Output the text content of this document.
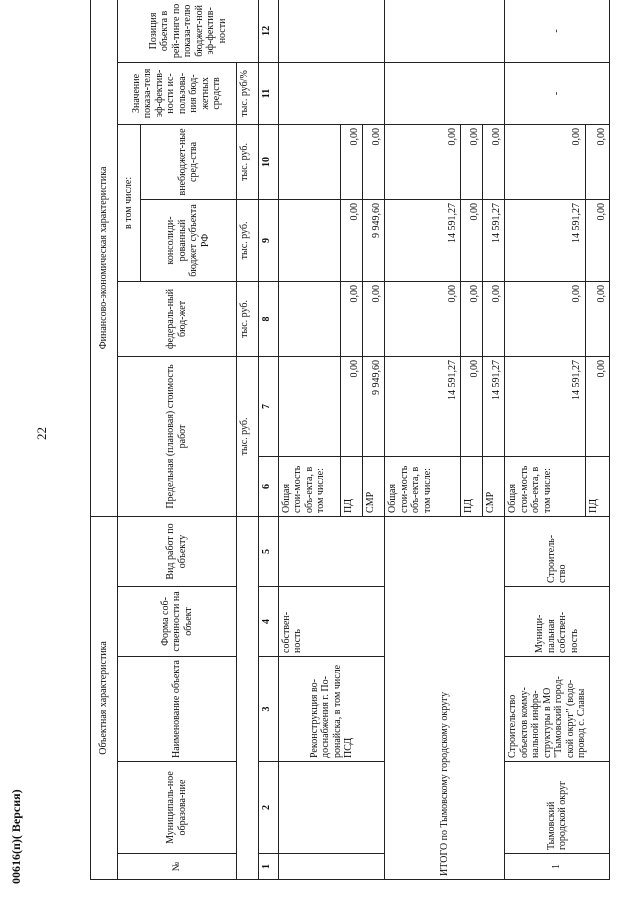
22
Объектная характеристика					Финансово-экономическая характеристика						
№	Муниципаль-ное образова-ние	Наименование объекта	Форма соб-ственности на объект	Вид работ по объекту	Предельная (плановая) стоимость работ		федераль-ный бюд-жет	в том числе:		Значение показа-теля эф-фектив-ности ис-пользова-ния бюд-жетных средств	Позиция объекта в рей-тинге по показа-телю бюджет-ной эф-фектив-ности
								консолиди-рованный бюджет субъекта РФ	внебюджет-ные сред-ства		
					тыс. руб.		тыс. руб.	тыс. руб.	тыс. руб.	тыс. руб/%	
1	2	3	4	5	6	7	8	9	10	11	12
		Реконструкция во-доснабжения г. По-ронайска, в том числе ПСД	собствен-ность		Общая стои-мость объ-екта, в том числе:						
					ПД	0,00	0,00	0,00	0,00		
					СМР	9 949,60	0,00	9 949,60	0,00		
ИТОГО по Тымовскому городскому округу					Общая стои-мость объ-екта, в том числе:	14 591,27	0,00	14 591,27	0,00		
					ПД	0,00	0,00	0,00	0,00		
					СМР	14 591,27	0,00	14 591,27	0,00		
1	Тымовский городской округ	Строительство объектов комму-нальной инфра-структуры в МО "Тымовский город-ской округ" (водо-провод с. Славы	Муници-пальная собствен-ность	Строитель-ство	Общая стои-мость объ-екта, в том числе:	14 591,27	0,00	14 591,27	0,00	-	-
					ПД	0,00	0,00	0,00	0,00		
00616(п)( Версия)
